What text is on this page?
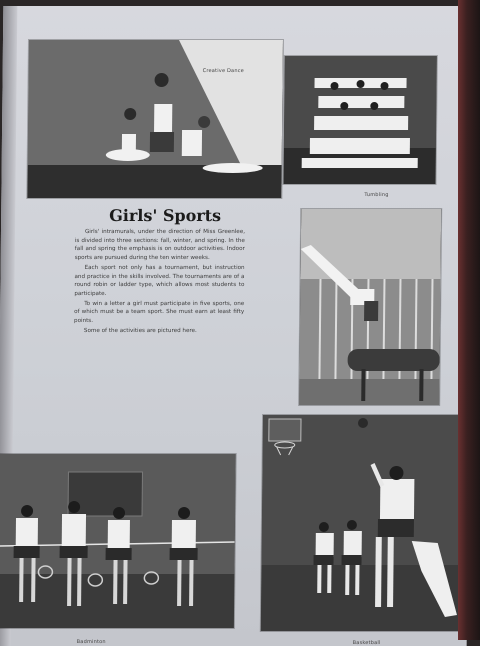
Creative Dance
Tumbling
Girls' Sports

Girls' intramurals, under the direction of Miss Greenlee, is divided into three sections: fall, winter, and spring. In the fall and spring the emphasis is on outdoor activities. Indoor sports are pursued during the ten winter weeks.

Each sport not only has a tournament, but instruction and practice in the skills involved. The tournaments are of a round robin or ladder type, which allows most students to participate.

To win a letter a girl must participate in five sports, one of which must be a team sport. She must earn at least fifty points.

Some of the activities are pictured here.

Badminton	Basketball
